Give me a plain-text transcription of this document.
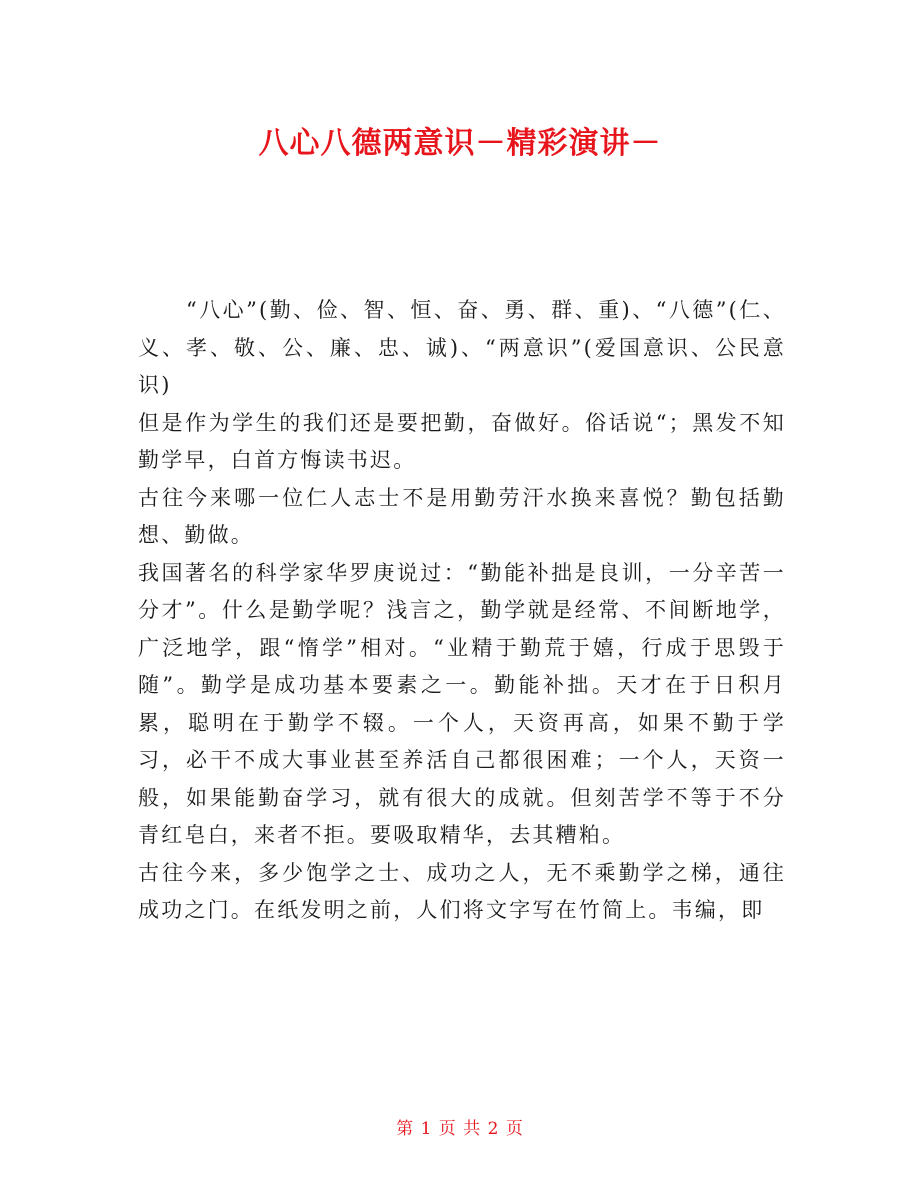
八心八德两意识－精彩演讲－

“八心”(勤、俭、智、恒、奋、勇、群、重)、“八德”(仁、义、孝、敬、公、廉、忠、诚)、“两意识”(爱国意识、公民意识)

但是作为学生的我们还是要把勤，奋做好。俗话说“；黑发不知勤学早，白首方悔读书迟。

古往今来哪一位仁人志士不是用勤劳汗水换来喜悦？勤包括勤想、勤做。

我国著名的科学家华罗庚说过：“勤能补拙是良训，一分辛苦一分才”。什么是勤学呢？浅言之，勤学就是经常、不间断地学，广泛地学，跟“惰学”相对。“业精于勤荒于嬉，行成于思毁于随”。勤学是成功基本要素之一。勤能补拙。天才在于日积月累，聪明在于勤学不辍。一个人，天资再高，如果不勤于学习，必干不成大事业甚至养活自己都很困难；一个人，天资一般，如果能勤奋学习，就有很大的成就。但刻苦学不等于不分青红皂白，来者不拒。要吸取精华，去其糟粕。

古往今来，多少饱学之士、成功之人，无不乘勤学之梯，通往成功之门。在纸发明之前，人们将文字写在竹简上。韦编，即

第 1 页 共 2 页
